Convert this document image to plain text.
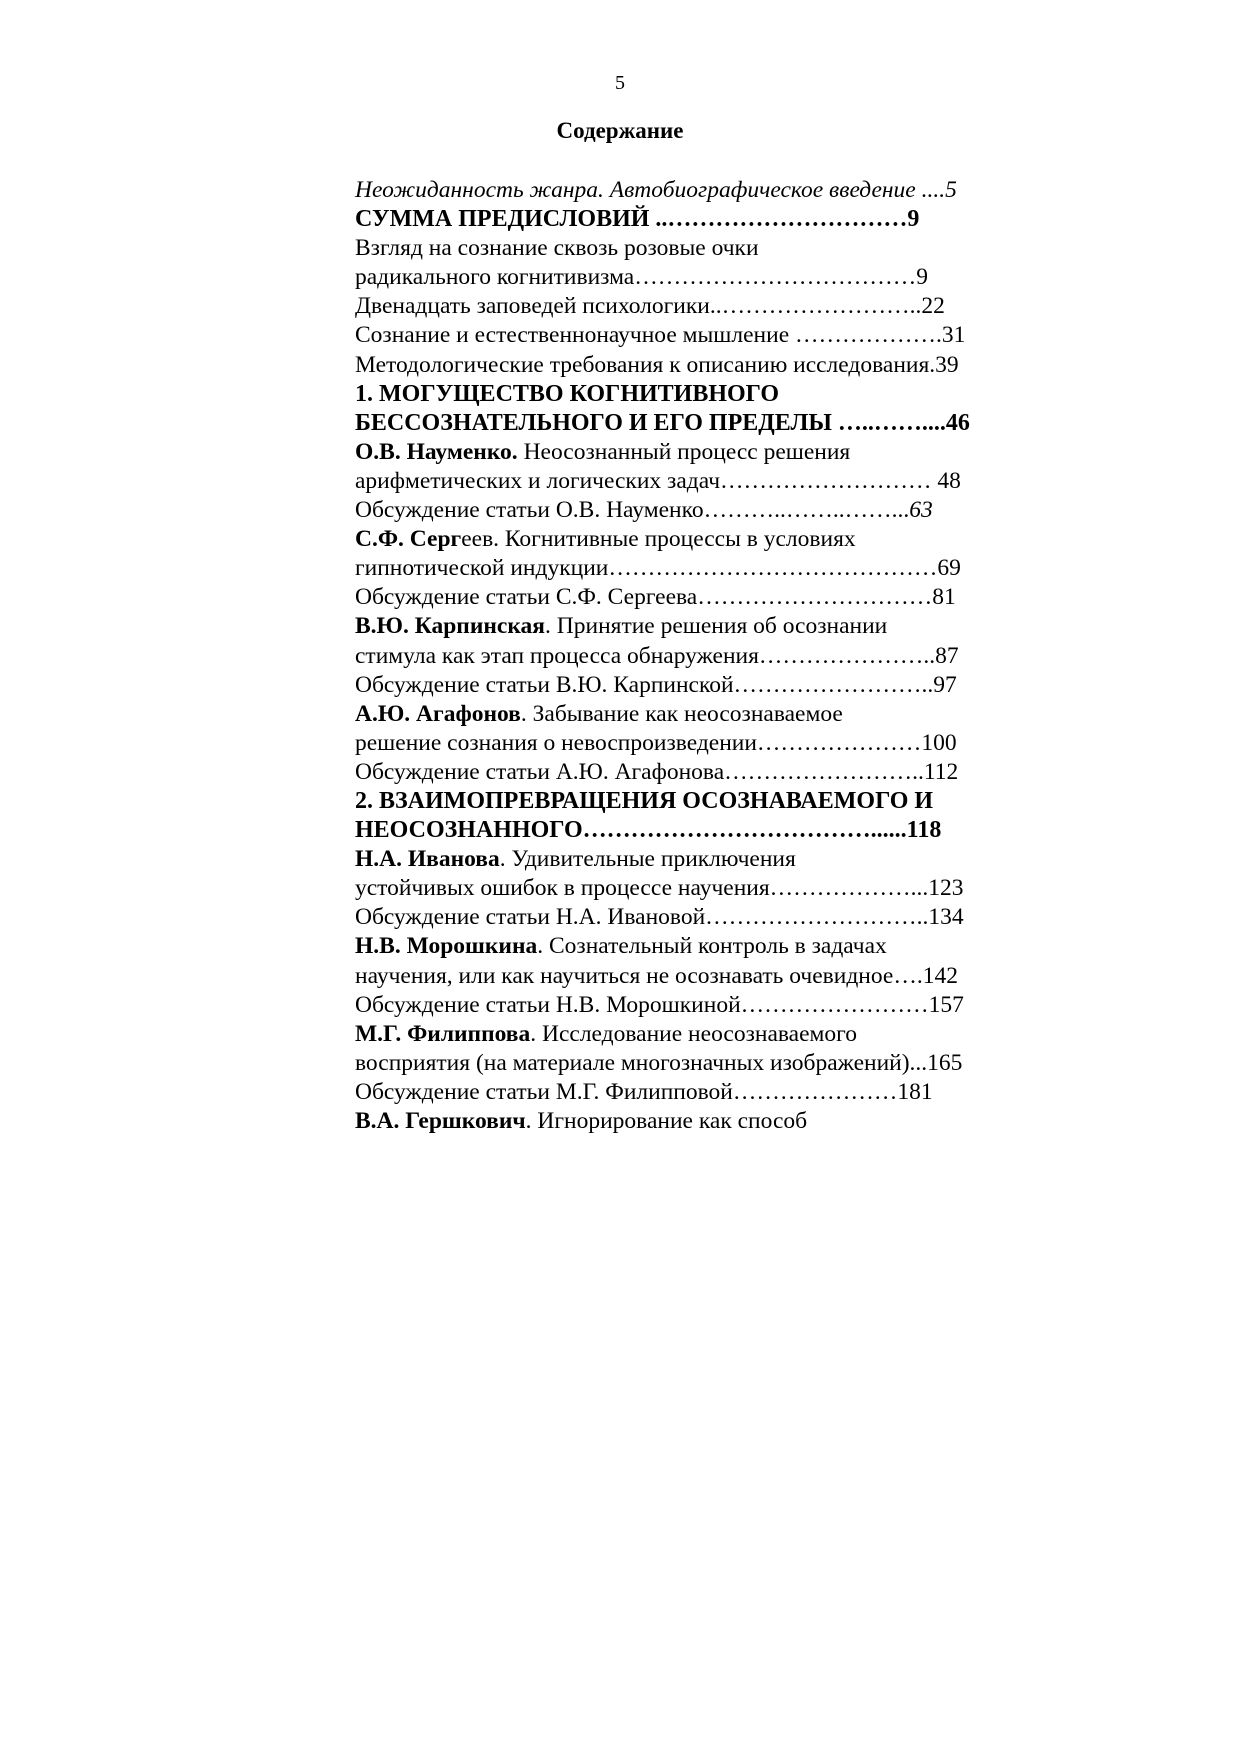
5
Содержание
Неожиданность жанра. Автобиографическое введение ....5
СУММА ПРЕДИСЛОВИЙ ..…………………………9
Взгляд на сознание сквозь розовые очки
радикального когнитивизма………………………………9
Двенадцать заповедей психологики..……………………..22
Сознание и естественнонаучное мышление ……………….31
Методологические требования к описанию исследования.39
1. МОГУЩЕСТВО КОГНИТИВНОГО
БЕССОЗНАТЕЛЬНОГО И ЕГО ПРЕДЕЛЫ …..……....46
О.В. Науменко. Неосознанный процесс решения
арифметических и логических задач……………………… 48
Обсуждение статьи О.В. Науменко………..……..……...63
С.Ф. Сергеев. Когнитивные процессы в условиях
гипнотической индукции……………………………………69
Обсуждение статьи С.Ф. Сергеева…………………………81
В.Ю. Карпинская. Принятие решения об осознании
стимула как этап процесса обнаружения…………………..87
Обсуждение статьи В.Ю. Карпинской……………………..97
А.Ю. Агафонов. Забывание как неосознаваемое
решение сознания о невоспроизведении…………………100
Обсуждение статьи А.Ю. Агафонова……………………..112
2. ВЗАИМОПРЕВРАЩЕНИЯ ОСОЗНАВАЕМОГО И
НЕОСОЗНАННОГО………………………………......118
Н.А. Иванова. Удивительные приключения
устойчивых ошибок в процессе научения………………...123
Обсуждение статьи Н.А. Ивановой………………………..134
Н.В. Морошкина. Сознательный контроль в задачах
научения, или как научиться не осознавать очевидное….142
Обсуждение статьи Н.В. Морошкиной……………………157
М.Г. Филиппова. Исследование неосознаваемого
восприятия (на материале многозначных изображений)...165
Обсуждение статьи М.Г. Филипповой…………………181
В.А. Гершкович. Игнорирование как способ
